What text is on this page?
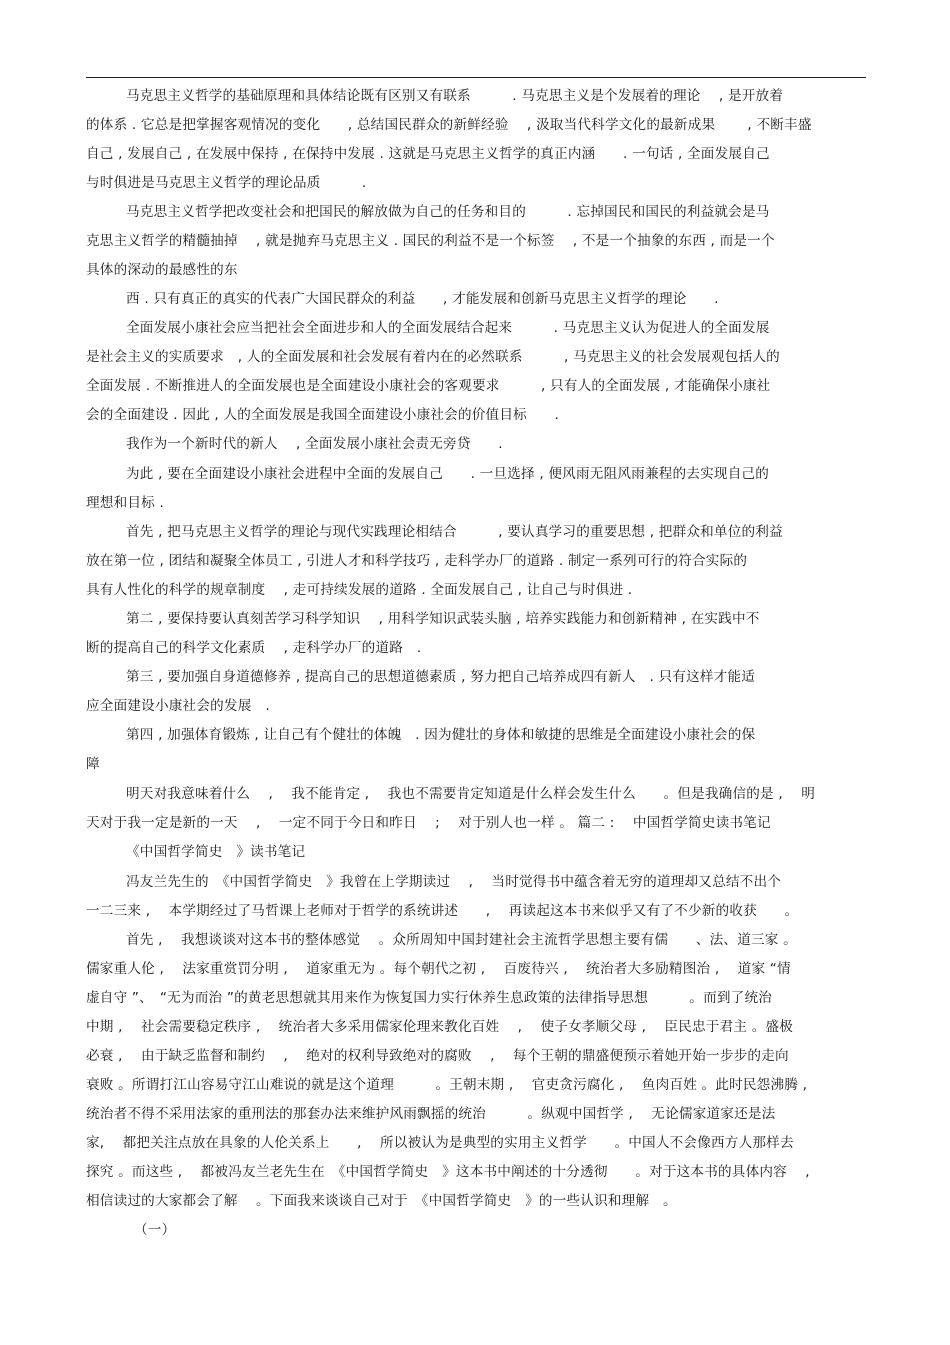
马克思主义哲学的基础原理和具体结论既有区别又有联系　　　. 马克思主义是个发展着的理论　 , 是开放着
的体系 . 它总是把掌握客观情况的变化　　, 总结国民群众的新鲜经验　 , 汲取当代科学文化的最新成果　 　, 不断丰盛
自己 , 发展自己 , 在发展中保持 , 在保持中发展 . 这就是马克思主义哲学的真正内涵　　. 一句话 , 全面发展自己
与时俱进是马克思主义哲学的理论品质　　　.
马克思主义哲学把改变社会和把国民的解放做为自己的任务和目的　　　. 忘掉国民和国民的利益就会是马
克思主义哲学的精髓抽掉　 , 就是抛弃马克思主义 . 国民的利益不是一个标签　 , 不是一个抽象的东西 , 而是一个
具体的深动的最感性的东
西 . 只有真正的真实的代表广大国民群众的利益　　, 才能发展和创新马克思主义哲学的理论　　.
全面发展小康社会应当把社会全面进步和人的全面发展结合起来　　　. 马克思主义认为促进人的全面发展
是社会主义的实质要求　, 人的全面发展和社会发展有着内在的必然联系　　　, 马克思主义的社会发展观包括人的
全面发展 . 不断推进人的全面发展也是全面建设小康社会的客观要求　　　, 只有人的全面发展 , 才能确保小康社
会的全面建设 . 因此 , 人的全面发展是我国全面建设小康社会的价值目标　　.
我作为一个新时代的新人　 , 全面发展小康社会责无旁贷　　.
为此 , 要在全面建设小康社会进程中全面的发展自己　　. 一旦选择 , 便风雨无阻风雨兼程的去实现自己的
理想和目标 .
首先 , 把马克思主义哲学的理论与现代实践理论相结合　　　, 要认真学习的重要思想 , 把群众和单位的利益
放在第一位 , 团结和凝聚全体员工 , 引进人才和科学技巧 , 走科学办厂的道路 . 制定一系列可行的符合实际的
具有人性化的科学的规章制度　 , 走可持续发展的道路 . 全面发展自己 , 让自己与时俱进 .
第二 , 要保持要认真刻苦学习科学知识　 , 用科学知识武装头脑 , 培养实践能力和创新精神 , 在实践中不
断的提高自己的科学文化素质　 , 走科学办厂的道路　.
第三 , 要加强自身道德修养 , 提高自己的思想道德素质 , 努力把自己培养成四有新人　. 只有这样才能适
应全面建设小康社会的发展　.
第四 , 加强体育锻炼 , 让自己有个健壮的体魄　. 因为健壮的身体和敏捷的思维是全面建设小康社会的保
障
明天对我意味着什么　 , 　我不能肯定 , 　我也不需要肯定知道是什么样会发生什么　　。但是我确信的是 , 　明
天对于我一定是新的一天　 , 　一定不同于今日和昨日　 ; 　对于别人也一样 。 篇二 : 　中国哲学简史读书笔记
《中国哲学简史　》读书笔记
冯友兰先生的　《中国哲学简史　》我曾在上学期读过　 , 　当时觉得书中蕴含着无穷的道理却又总结不出个
一二三来 , 　本学期经过了马哲课上老师对于哲学的系统讲述　　, 　再读起这本书来似乎又有了不少新的收获　　。
首先 , 　我想谈谈对这本书的整体感觉　 。众所周知中国封建社会主流哲学思想主要有儒　　、法、道三家 。
儒家重人伦 , 　法家重赏罚分明 , 　道家重无为 。每个朝代之初 , 　百废待兴 , 　统治者大多励精图治 , 　道家 “情
虚自守 ”、　“无为而治 ”的黄老思想就其用来作为恢复国力实行休养生息政策的法律指导思想　　　。而到了统治
中期 , 　社会需要稳定秩序 , 　统治者大多采用儒家伦理来教化百姓　 , 　使子女孝顺父母 , 　臣民忠于君主 。盛极
必衰 , 　由于缺乏监督和制约　 , 　绝对的权利导致绝对的腐败　 , 　每个王朝的鼎盛便预示着她开始一步步的走向
衰败 。所谓打江山容易守江山难说的就是这个道理　　　。王朝末期 , 　官吏贪污腐化 , 　鱼肉百姓 。此时民怨沸腾 ,
统治者不得不采用法家的重刑法的那套办法来维护风雨飘摇的统治　　　。纵观中国哲学 , 　无论儒家道家还是法
家, 　都把关注点放在具象的人伦关系上　　, 　所以被认为是典型的实用主义哲学　　。中国人不会像西方人那样去
探究 。而这些 , 　都被冯友兰老先生在　《中国哲学简史　》这本书中阐述的十分透彻　　。对于这本书的具体内容　 ,
相信读过的大家都会了解　 。下面我来谈谈自己对于　《中国哲学简史　》的一些认识和理解　。
（一）
